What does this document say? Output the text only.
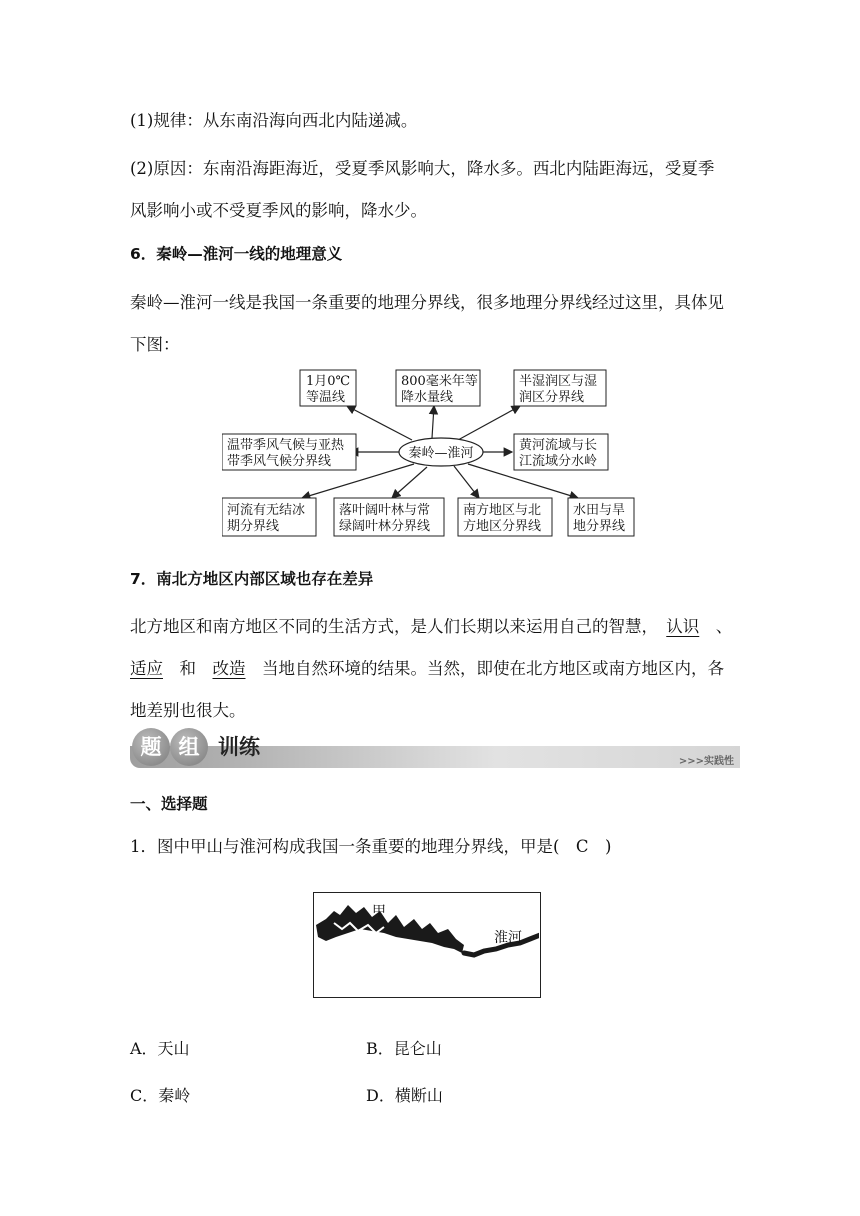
(1)规律：从东南沿海向西北内陆递减。
(2)原因：东南沿海距海近，受夏季风影响大，降水多。西北内陆距海远，受夏季风影响小或不受夏季风的影响，降水少。
6．秦岭—淮河一线的地理意义
秦岭—淮河一线是我国一条重要的地理分界线，很多地理分界线经过这里，具体见下图：
秦岭—淮河
1月0℃
等温线
800毫米年等
降水量线
半湿润区与湿
润区分界线
温带季风气候与亚热
带季风气候分界线
黄河流域与长
江流域分水岭
河流有无结冰
期分界线
落叶阔叶林与常
绿阔叶林分界线
南方地区与北
方地区分界线
水田与旱
地分界线
7．南北方地区内部区域也存在差异
北方地区和南方地区不同的生活方式，是人们长期以来运用自己的智慧，　 认识　 、　适应　 和　 改造　 当地自然环境的结果。当然，即使在北方地区或南方地区内，各地差别也很大。
题 组 训练
>>>实践性
一、选择题
1．图中甲山与淮河构成我国一条重要的地理分界线，甲是(　C　)
甲
淮河
A．天山	B．昆仑山
C．秦岭	D．横断山
